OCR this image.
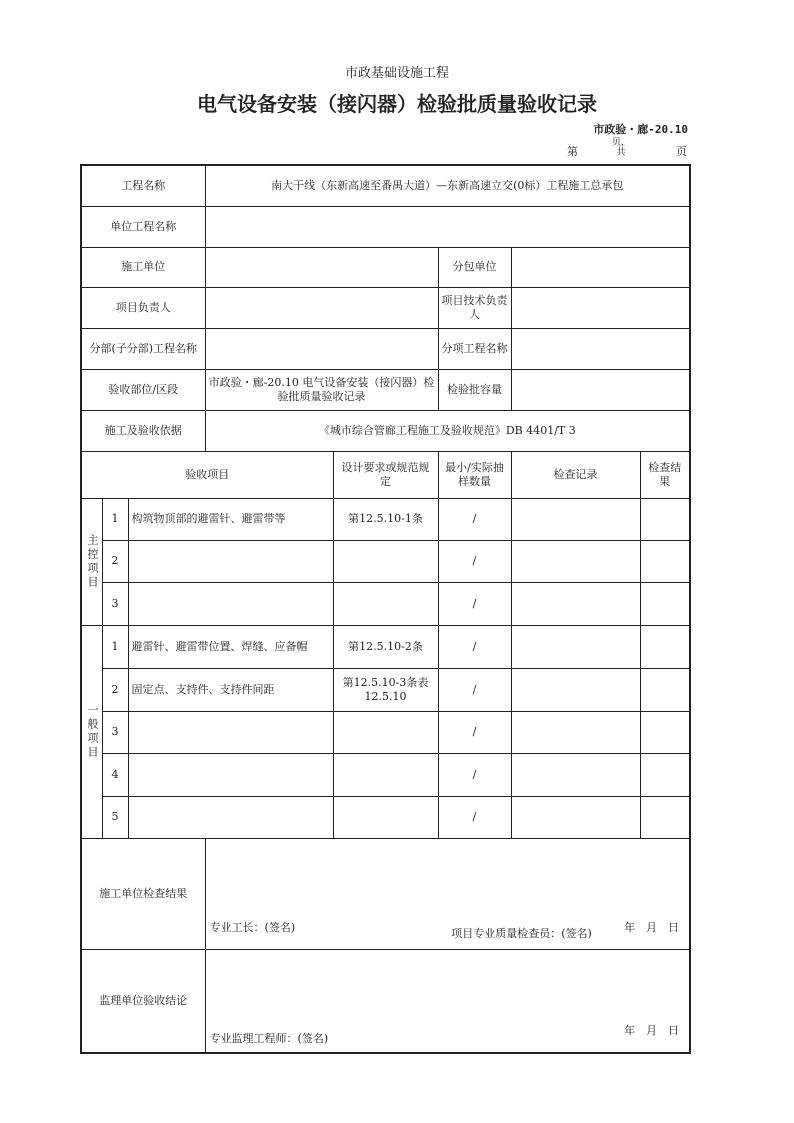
市政基础设施工程
电气设备安装（接闪器）检验批质量验收记录
市政验・廊-20.10
第
贝，共	页
工程名称			南大干线（东新高速至番禺大道）—东新高速立交(0标）工程施工总承包				
单位工程名称							
施工单位					分包单位		
项目负责人					项目技术负责人		
分部(子分部)工程名称					分项工程名称		
验收部位/区段			市政验・廊-20.10 电气设备安装（接闪器）检验批质量验收记录		检验批容量		
施工及验收依据			《城市综合管廊工程施工及验收规范》DB 4401/T 3				
验收项目				设计要求或规范规定	最小/实际抽样数量	检查记录	检查结果

主控项目	1	构筑物顶部的避雷针、避雷带等		第12.5.10-1条	/		
	2				/		
	3				/		

一般项目	1	避雷针、避雷带位置、焊缝、应备帽		第12.5.10-2条	/		
	2	固定点、支持件、支持件间距		第12.5.10-3条表12.5.10	/		
	3				/		
	4				/		
	5				/		
施工单位检查结果			专业工长：(签名) 项目专业质量检查员：(签名) 年　月　日				

监理单位验收结论			专业监理工程师：(签名)
年　月　日				
